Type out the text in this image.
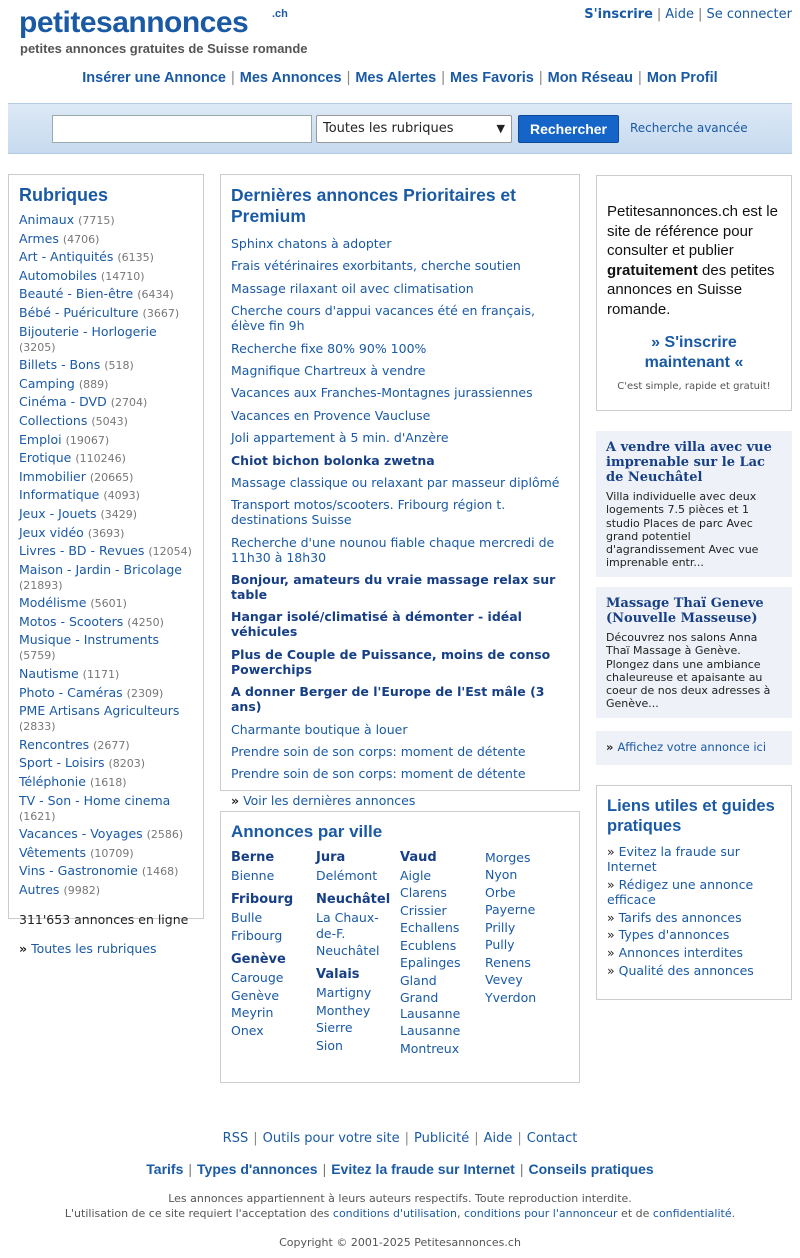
petitesannonces .ch
petites annonces gratuites de Suisse romande
S'inscrire | Aide | Se connecter
Insérer une Annonce | Mes Annonces | Mes Alertes | Mes Favoris | Mon Réseau | Mon Profil
Toutes les rubriques	▼	Rechercher	Recherche avancée
Rubriques
Animaux (7715)
Armes (4706)
Art - Antiquités (6135)
Automobiles (14710)
Beauté - Bien-être (6434)
Bébé - Puériculture (3667)
Bijouterie - Horlogerie (3205)
Billets - Bons (518)
Camping (889)
Cinéma - DVD (2704)
Collections (5043)
Emploi (19067)
Erotique (110246)
Immobilier (20665)
Informatique (4093)
Jeux - Jouets (3429)
Jeux vidéo (3693)
Livres - BD - Revues (12054)
Maison - Jardin - Bricolage (21893)
Modélisme (5601)
Motos - Scooters (4250)
Musique - Instruments (5759)
Nautisme (1171)
Photo - Caméras (2309)
PME Artisans Agriculteurs (2833)
Rencontres (2677)
Sport - Loisirs (8203)
Téléphonie (1618)
TV - Son - Home cinema (1621)
Vacances - Voyages (2586)
Vêtements (10709)
Vins - Gastronomie (1468)
Autres (9982)
311'653 annonces en ligne
» Toutes les rubriques
Dernières annonces Prioritaires et Premium
Sphinx chatons à adopter
Frais vétérinaires exorbitants, cherche soutien
Massage rilaxant oil avec climatisation
Cherche cours d'appui vacances été en français, élève fin 9h
Recherche fixe 80% 90% 100%
Magnifique Chartreux à vendre
Vacances aux Franches-Montagnes jurassiennes
Vacances en Provence Vaucluse
Joli appartement à 5 min. d'Anzère
Chiot bichon bolonka zwetna
Massage classique ou relaxant par masseur diplômé
Transport motos/scooters. Fribourg région t. destinations Suisse
Recherche d'une nounou fiable chaque mercredi de 11h30 à 18h30
Bonjour, amateurs du vraie massage relax sur table
Hangar isolé/climatisé à démonter - idéal véhicules
Plus de Couple de Puissance, moins de conso Powerchips
A donner Berger de l'Europe de l'Est mâle (3 ans)
Charmante boutique à louer
Prendre soin de son corps: moment de détente
Prendre soin de son corps: moment de détente
» Voir les dernières annonces
Annonces par ville
Berne
Bienne
Fribourg
Bulle
Fribourg
Genève
Carouge
Genève
Meyrin
Onex
Jura
Delémont
Neuchâtel
La Chaux-de-F.
Neuchâtel
Valais
Martigny
Monthey
Sierre
Sion
Vaud
Aigle
Clarens
Crissier
Echallens
Ecublens
Epalinges
Gland
Grand Lausanne
Lausanne
Montreux
Morges
Nyon
Orbe
Payerne
Prilly
Pully
Renens
Vevey
Yverdon
Petitesannonces.ch est le site de référence pour consulter et publier gratuitement des petites annonces en Suisse romande.
» S'inscrire maintenant «
C'est simple, rapide et gratuit!
A vendre villa avec vue imprenable sur le Lac de Neuchâtel
Villa individuelle avec deux logements 7.5 pièces et 1 studio Places de parc Avec grand potentiel d'agrandissement Avec vue imprenable entr...
Massage Thaï Geneve (Nouvelle Masseuse)
Découvrez nos salons Anna Thaï Massage à Genève. Plongez dans une ambiance chaleureuse et apaisante au coeur de nos deux adresses à Genève...
» Affichez votre annonce ici
Liens utiles et guides pratiques
» Evitez la fraude sur Internet
» Rédigez une annonce efficace
» Tarifs des annonces
» Types d'annonces
» Annonces interdites
» Qualité des annonces
RSS | Outils pour votre site | Publicité | Aide | Contact
Tarifs | Types d'annonces | Evitez la fraude sur Internet | Conseils pratiques
Les annonces appartiennent à leurs auteurs respectifs. Toute reproduction interdite.
L'utilisation de ce site requiert l'acceptation des conditions d'utilisation, conditions pour l'annonceur et de confidentialité.
Copyright © 2001-2025 Petitesannonces.ch
